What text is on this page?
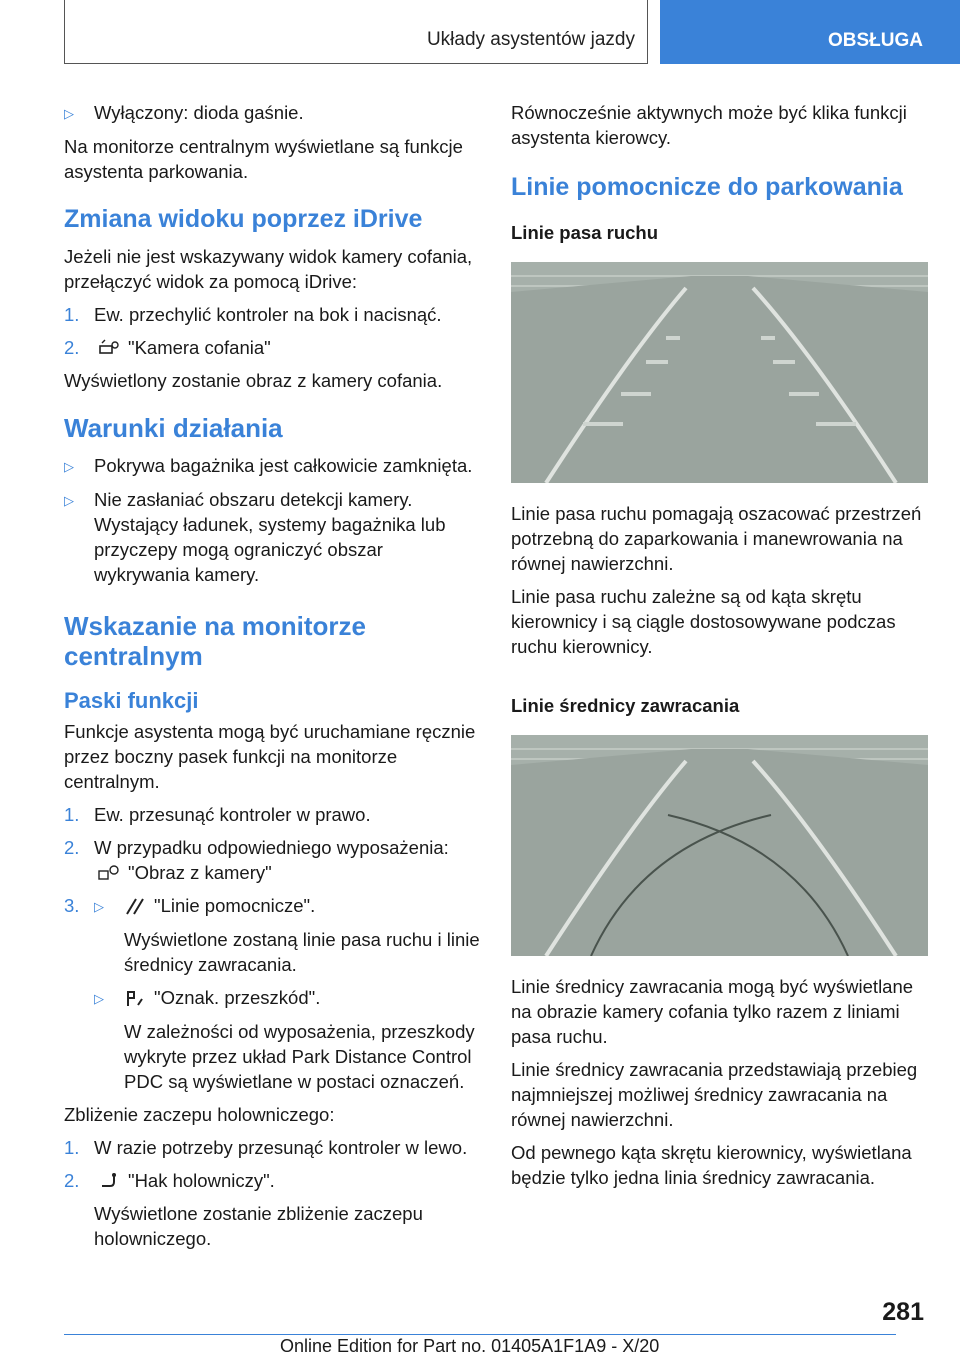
Układy asystentów jazdy	OBSŁUGA
▷	Wyłączony: dioda gaśnie.

Na monitorze centralnym wyświetlane są funkcje asystenta parkowania.

Zmiana widoku poprzez iDrive

Jeżeli nie jest wskazywany widok kamery cofania, przełączyć widok za pomocą iDrive:

1. Ew. przechylić kontroler na bok i nacisnąć.
2.	"Kamera cofania"

Wyświetlony zostanie obraz z kamery cofania.

Warunki działania
▷	Pokrywa bagażnika jest całkowicie zamknięta.
▷	Nie zasłaniać obszaru detekcji kamery. Wystający ładunek, systemy bagażnika lub przyczepy mogą ograniczyć obszar wykrywania kamery.
Wskazanie na monitorze centralnym
Paski funkcji

Funkcje asystenta mogą być uruchamiane ręcznie przez boczny pasek funkcji na monitorze centralnym.

1. Ew. przesunąć kontroler w prawo.
2. W przypadku odpowiedniego wyposażenia:
"Obraz z kamery"
3.	▷	"Linie pomocnicze".

Wyświetlone zostaną linie pasa ruchu i linie średnicy zawracania.

▷	"Oznak. przeszkód".

W zależności od wyposażenia, przeszkody wykryte przez układ Park Distance Control PDC są wyświetlane w postaci oznaczeń.

Zbliżenie zaczepu holowniczego:

1. W razie potrzeby przesunąć kontroler w lewo.
2.	"Hak holowniczy".

Wyświetlone zostanie zbliżenie zaczepu holowniczego.

Równocześnie aktywnych może być klika funkcji asystenta kierowcy.

Linie pomocnicze do parkowania
Linie pasa ruchu

Linie pasa ruchu pomagają oszacować przestrzeń potrzebną do zaparkowania i manewrowania na równej nawierzchni.

Linie pasa ruchu zależne są od kąta skrętu kierownicy i są ciągle dostosowywane podczas ruchu kierownicy.

Linie średnicy zawracania

Linie średnicy zawracania mogą być wyświetlane na obrazie kamery cofania tylko razem z liniami pasa ruchu.

Linie średnicy zawracania przedstawiają przebieg najmniejszej możliwej średnicy zawracania na równej nawierzchni.

Od pewnego kąta skrętu kierownicy, wyświetlana będzie tylko jedna linia średnicy zawracania.

281
Online Edition for Part no. 01405A1F1A9 - X/20
